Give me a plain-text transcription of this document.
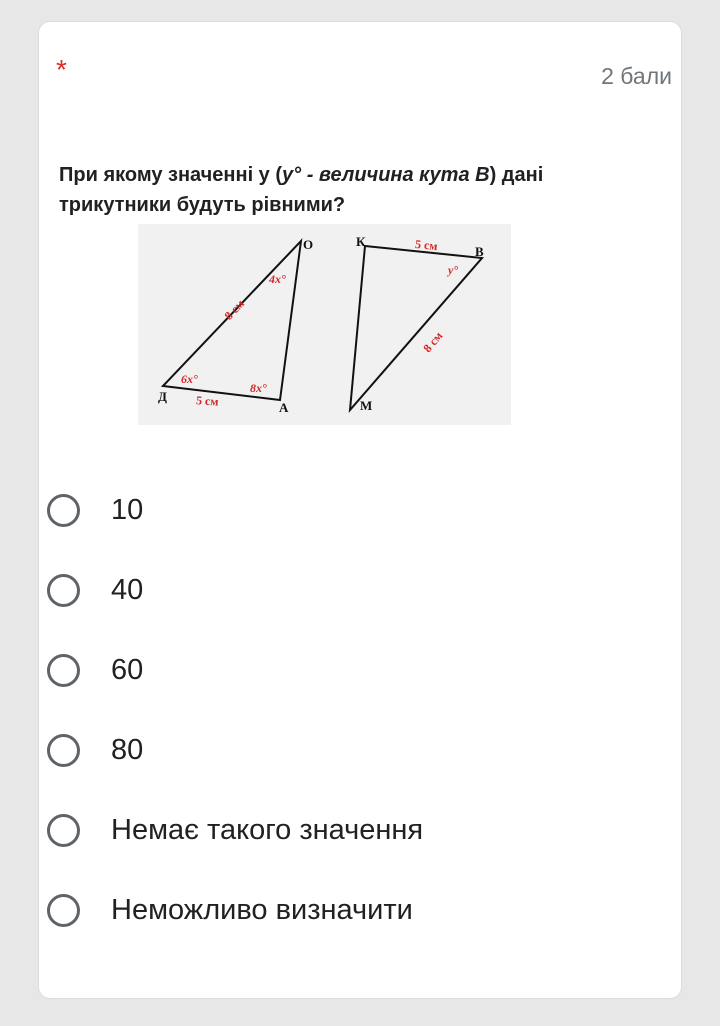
*	2 бали
При якому значенні у (у° - величина кута В) дані трикутники будуть рівними?
О
Д
А
К
В
М
8 см
4x°
6x°
8x°
5 см
5 см
y°
8 см
10
40
60
80
Немає такого значення
Неможливо визначити
